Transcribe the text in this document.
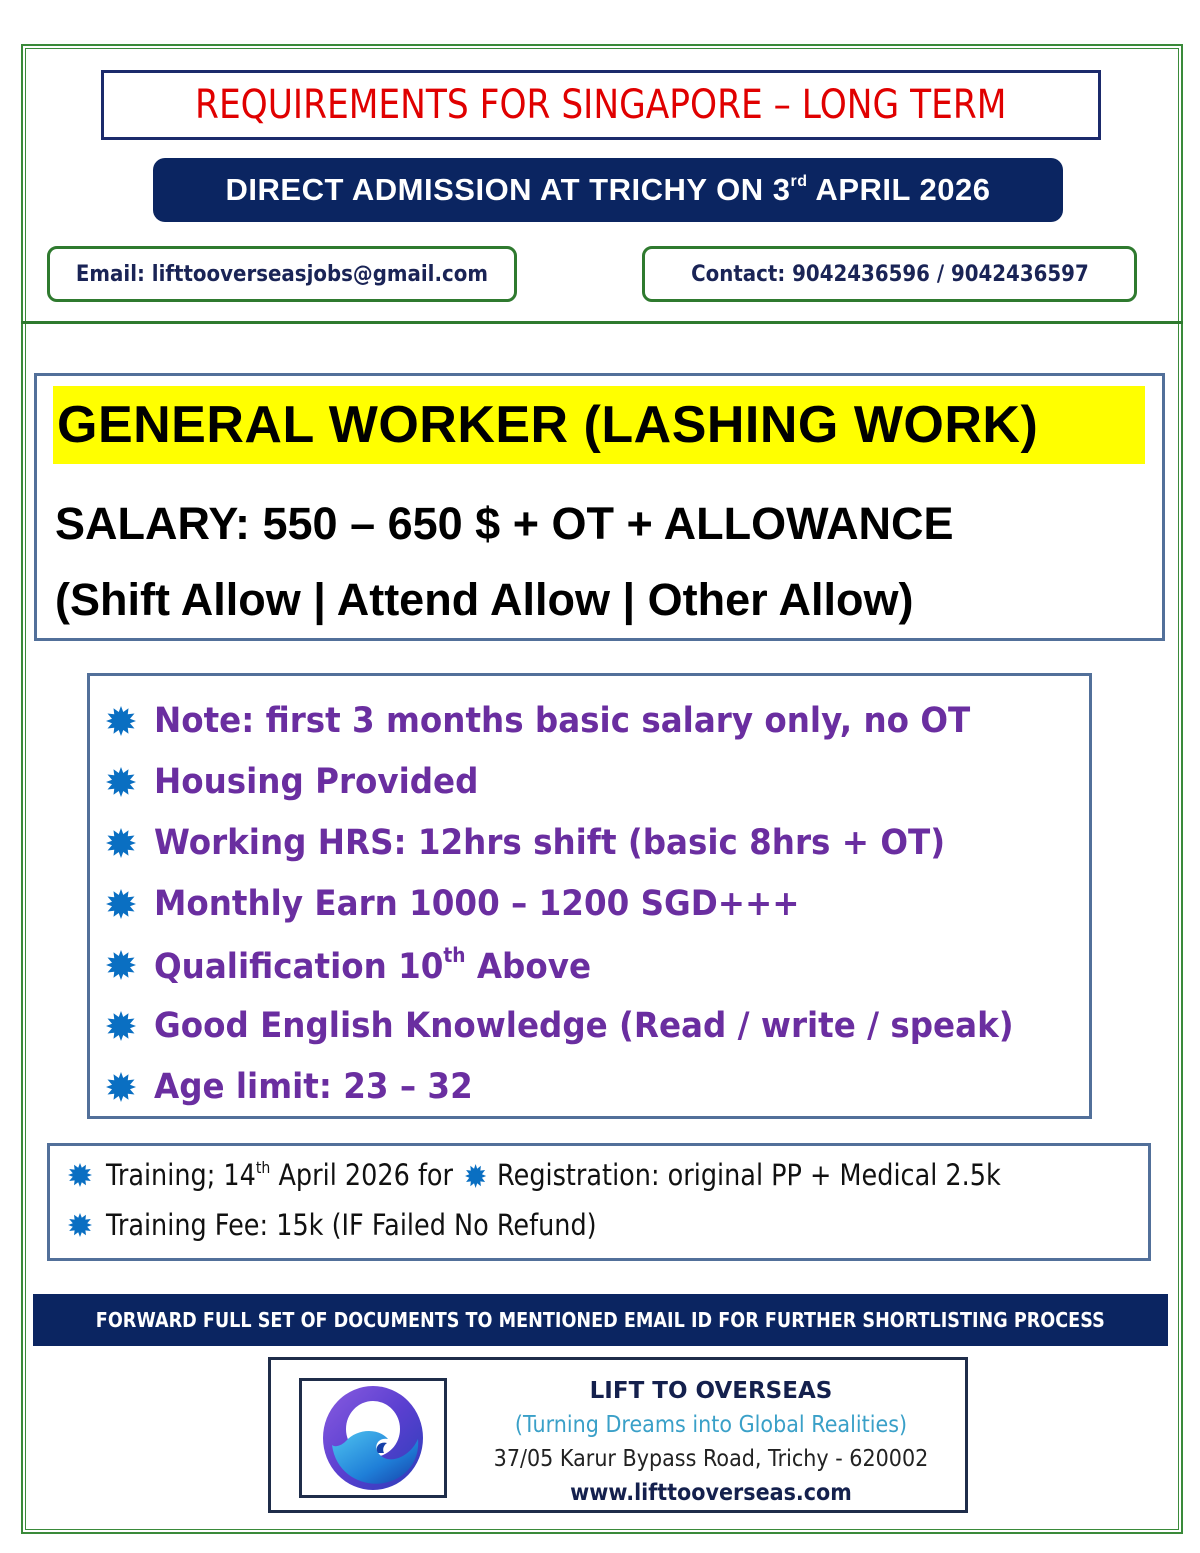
REQUIREMENTS FOR SINGAPORE – LONG TERM
DIRECT ADMISSION AT TRICHY ON 3rd APRIL 2026
Email: lifttooverseasjobs@gmail.com	Contact: 9042436596 / 9042436597
GENERAL WORKER (LASHING WORK)
SALARY: 550 – 650 $ + OT + ALLOWANCE
(Shift Allow | Attend Allow | Other Allow)
Note: first 3 months basic salary only, no OT
Housing Provided
Working HRS: 12hrs shift (basic 8hrs + OT)
Monthly Earn 1000 – 1200 SGD+++
Qualification 10th Above
Good English Knowledge (Read / write / speak)
Age limit: 23 – 32
Training; 14th April 2026 for Registration: original PP + Medical 2.5k
Training Fee: 15k (IF Failed No Refund)
FORWARD FULL SET OF DOCUMENTS TO MENTIONED EMAIL ID FOR FURTHER SHORTLISTING PROCESS
LIFT TO OVERSEAS
(Turning Dreams into Global Realities)
37/05 Karur Bypass Road, Trichy - 620002
www.lifttooverseas.com
